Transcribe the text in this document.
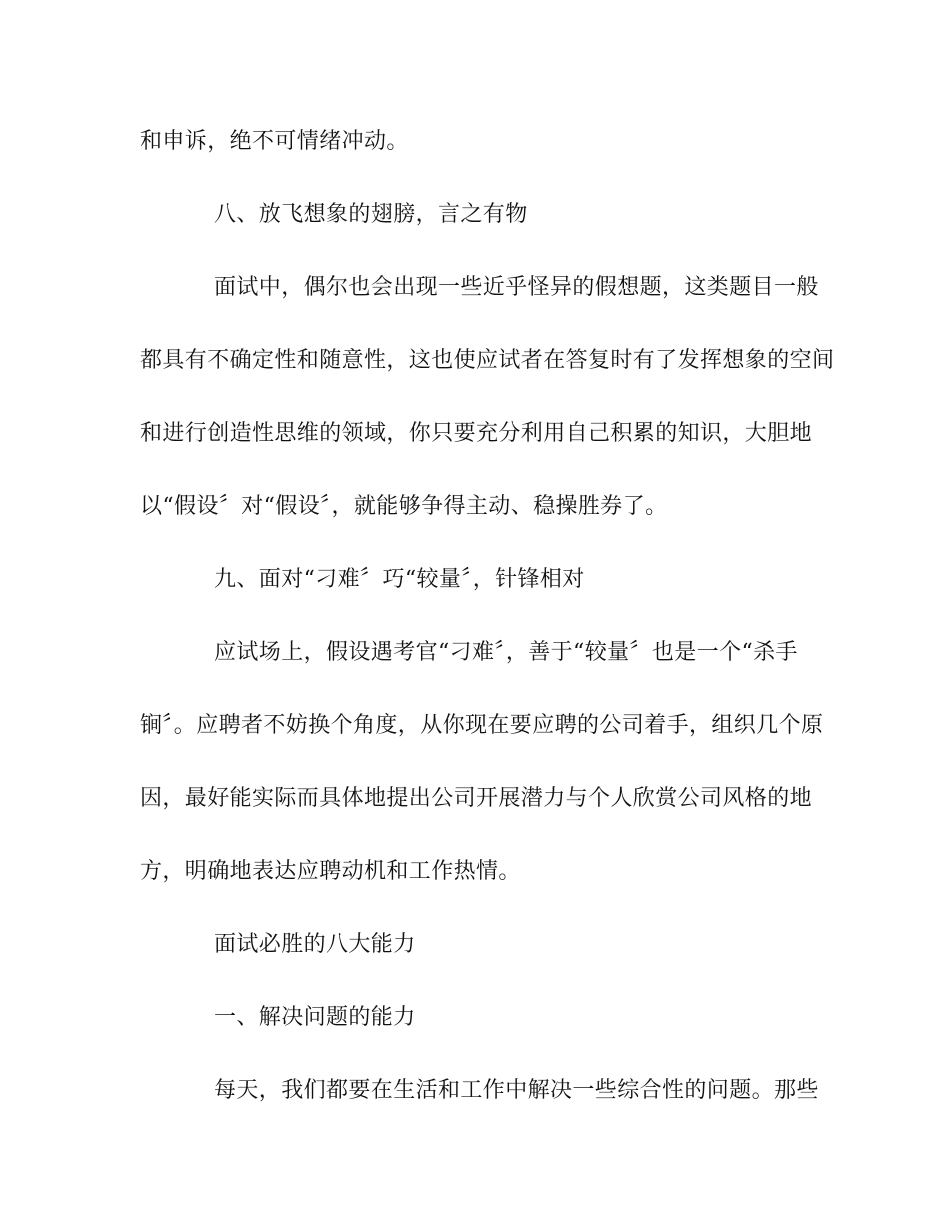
和申诉，绝不可情绪冲动。
八、放飞想象的翅膀，言之有物
面试中，偶尔也会出现一些近乎怪异的假想题，这类题目一般
都具有不确定性和随意性，这也使应试者在答复时有了发挥想象的空间
和进行创造性思维的领域，你只要充分利用自己积累的知识，大胆地
以“假设〞对“假设〞，就能够争得主动、稳操胜券了。
九、面对“刁难〞巧“较量〞，针锋相对
应试场上，假设遇考官“刁难〞，善于“较量〞也是一个“杀手
锏〞。应聘者不妨换个角度，从你现在要应聘的公司着手，组织几个原
因，最好能实际而具体地提出公司开展潜力与个人欣赏公司风格的地
方，明确地表达应聘动机和工作热情。
面试必胜的八大能力
一、解决问题的能力
每天，我们都要在生活和工作中解决一些综合性的问题。那些
